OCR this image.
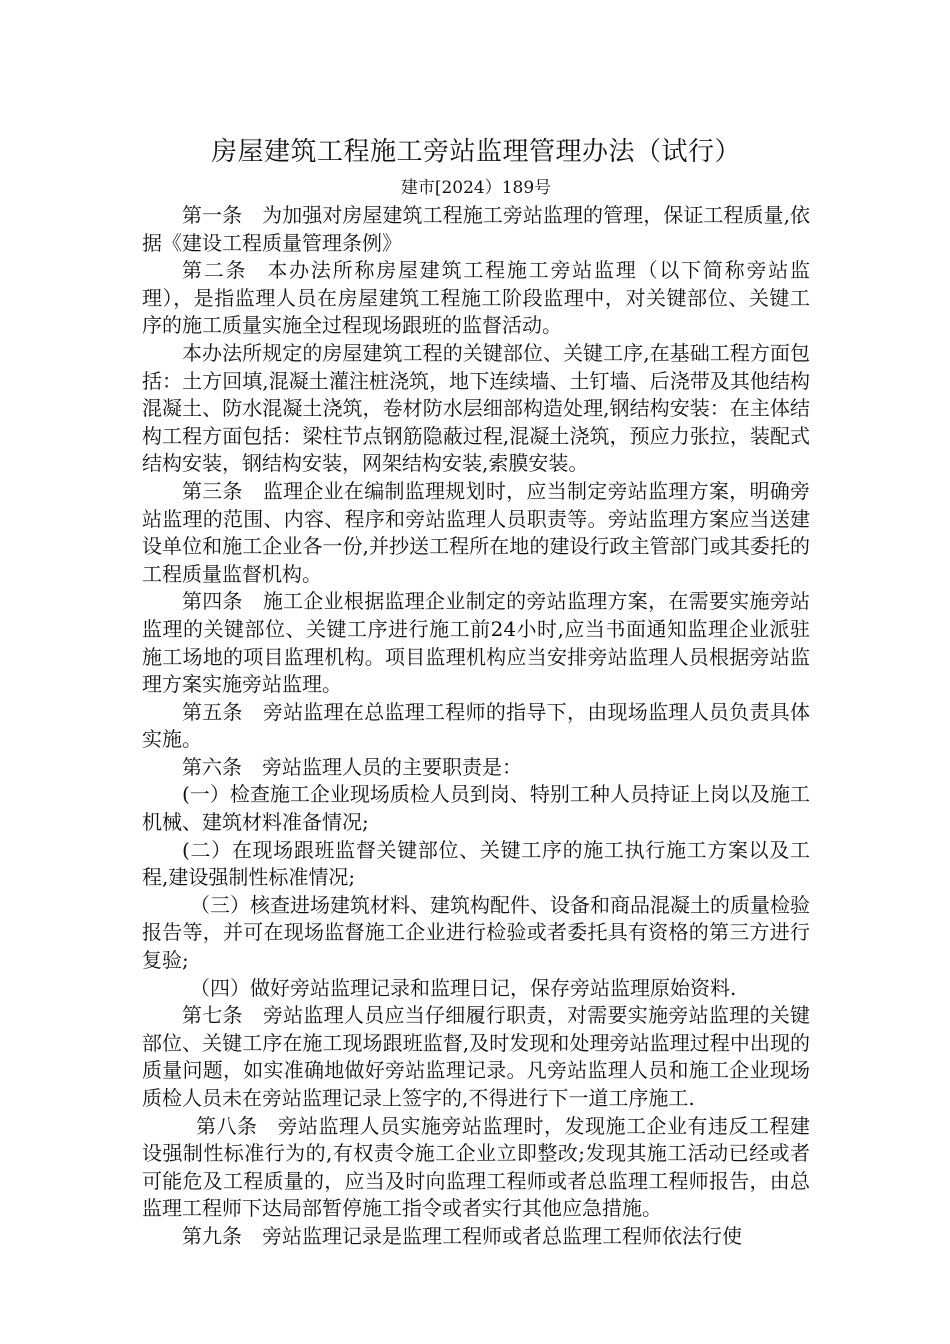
房屋建筑工程施工旁站监理管理办法（试行）
建市[2024）189号

第一条 为加强对房屋建筑工程施工旁站监理的管理，保证工程质量,依据《建设工程质量管理条例》

第二条 本办法所称房屋建筑工程施工旁站监理（以下简称旁站监理），是指监理人员在房屋建筑工程施工阶段监理中，对关键部位、关键工序的施工质量实施全过程现场跟班的监督活动。

本办法所规定的房屋建筑工程的关键部位、关键工序,在基础工程方面包括：土方回填,混凝土灌注桩浇筑，地下连续墙、土钉墙、后浇带及其他结构混凝土、防水混凝土浇筑，卷材防水层细部构造处理,钢结构安装：在主体结构工程方面包括：梁柱节点钢筋隐蔽过程,混凝土浇筑，预应力张拉，装配式结构安装，钢结构安装，网架结构安装,索膜安装。

第三条 监理企业在编制监理规划时，应当制定旁站监理方案，明确旁站监理的范围、内容、程序和旁站监理人员职责等。旁站监理方案应当送建设单位和施工企业各一份,并抄送工程所在地的建设行政主管部门或其委托的工程质量监督机构。

第四条 施工企业根据监理企业制定的旁站监理方案，在需要实施旁站监理的关键部位、关键工序进行施工前24小时,应当书面通知监理企业派驻施工场地的项目监理机构。项目监理机构应当安排旁站监理人员根据旁站监理方案实施旁站监理。

第五条 旁站监理在总监理工程师的指导下，由现场监理人员负责具体实施。

第六条 旁站监理人员的主要职责是：

(一）检查施工企业现场质检人员到岗、特别工种人员持证上岗以及施工机械、建筑材料准备情况;

(二）在现场跟班监督关键部位、关键工序的施工执行施工方案以及工程,建设强制性标准情况;

（三）核查进场建筑材料、建筑构配件、设备和商品混凝土的质量检验报告等，并可在现场监督施工企业进行检验或者委托具有资格的第三方进行复验;

（四）做好旁站监理记录和监理日记，保存旁站监理原始资料.

第七条 旁站监理人员应当仔细履行职责，对需要实施旁站监理的关键部位、关键工序在施工现场跟班监督,及时发现和处理旁站监理过程中出现的质量问题，如实准确地做好旁站监理记录。凡旁站监理人员和施工企业现场质检人员未在旁站监理记录上签字的,不得进行下一道工序施工.

第八条 旁站监理人员实施旁站监理时，发现施工企业有违反工程建设强制性标准行为的,有权责令施工企业立即整改;发现其施工活动已经或者可能危及工程质量的，应当及时向监理工程师或者总监理工程师报告，由总监理工程师下达局部暂停施工指令或者实行其他应急措施。

第九条 旁站监理记录是监理工程师或者总监理工程师依法行使
